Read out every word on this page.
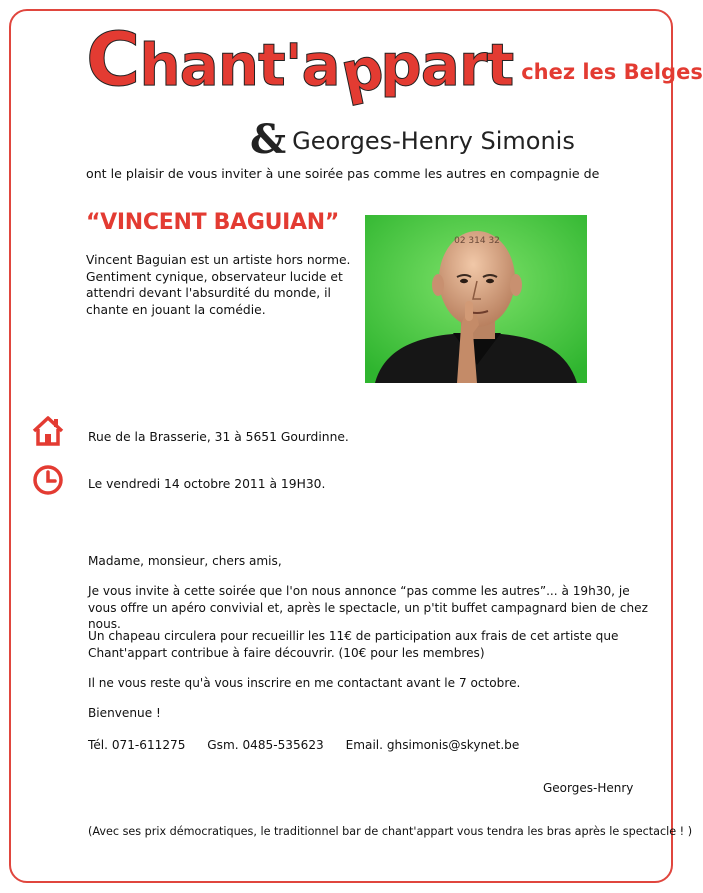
Chant'appart chez les Belges
& Georges-Henry Simonis
ont le plaisir de vous inviter à une soirée pas comme les autres en compagnie de
“VINCENT BAGUIAN”
Vincent Baguian est un artiste hors norme. Gentiment cynique, observateur lucide et attendri devant l'absurdité du monde, il chante en jouant la comédie.
02 314 32
Rue de la Brasserie, 31 à 5651 Gourdinne.
Le vendredi 14 octobre 2011 à 19H30.
Madame, monsieur, chers amis,
Je vous invite à cette soirée que l'on nous annonce “pas comme les autres”... à 19h30, je vous offre un apéro convivial et, après le spectacle, un p'tit buffet campagnard bien de chez nous.
Un chapeau circulera pour recueillir les 11€ de participation aux frais de cet artiste que Chant'appart contribue à faire découvrir. (10€ pour les membres)
Il ne vous reste qu'à vous inscrire en me contactant avant le 7 octobre.
Bienvenue !
Tél. 071-611275 Gsm. 0485-535623 Email. ghsimonis@skynet.be
Georges-Henry
(Avec ses prix démocratiques, le traditionnel bar de chant'appart vous tendra les bras après le spectacle ! )
